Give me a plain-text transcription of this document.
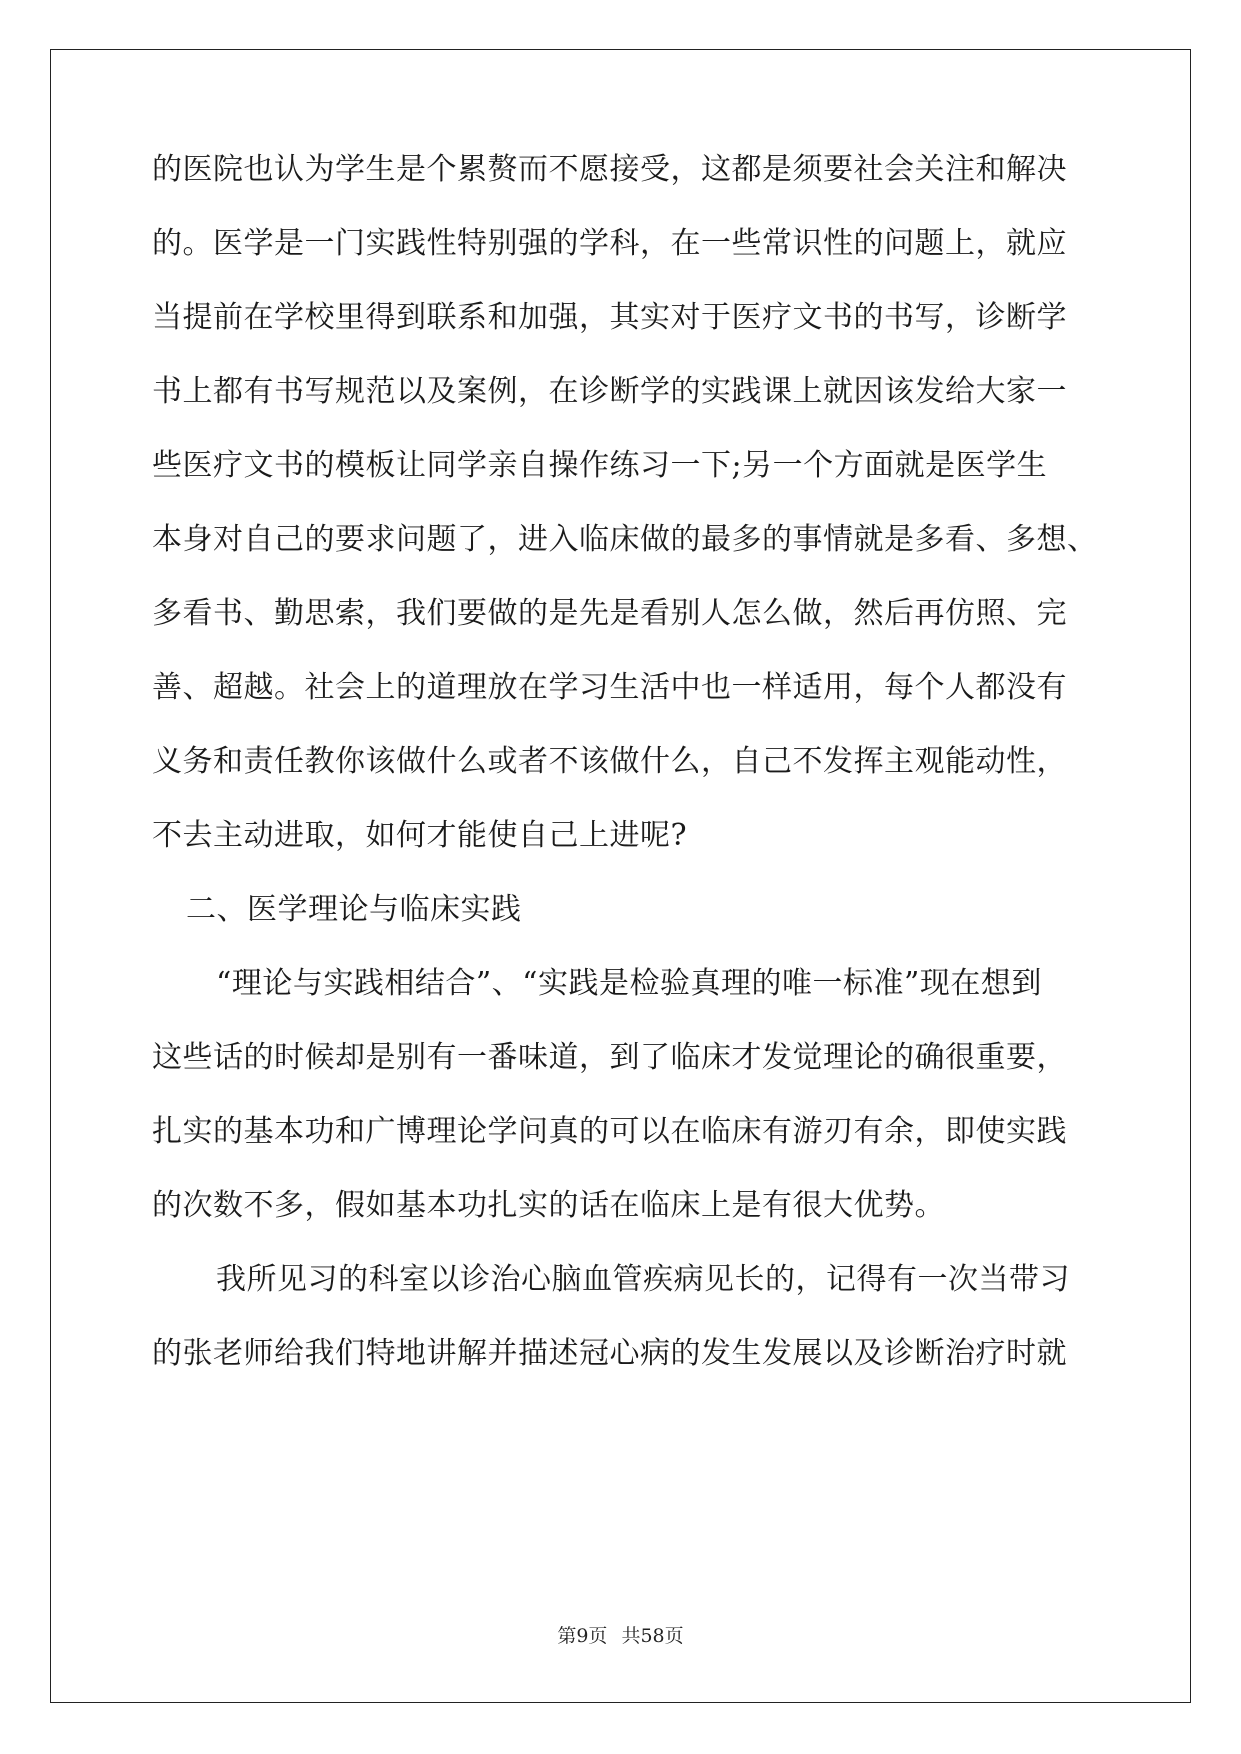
的医院也认为学生是个累赘而不愿接受，这都是须要社会关注和解决
的。医学是一门实践性特别强的学科，在一些常识性的问题上，就应
当提前在学校里得到联系和加强，其实对于医疗文书的书写，诊断学
书上都有书写规范以及案例，在诊断学的实践课上就因该发给大家一
些医疗文书的模板让同学亲自操作练习一下;另一个方面就是医学生
本身对自己的要求问题了，进入临床做的最多的事情就是多看、多想、
多看书、勤思索，我们要做的是先是看别人怎么做，然后再仿照、完
善、超越。社会上的道理放在学习生活中也一样适用，每个人都没有
义务和责任教你该做什么或者不该做什么，自己不发挥主观能动性，
不去主动进取，如何才能使自己上进呢?
二、医学理论与临床实践
“理论与实践相结合”、“实践是检验真理的唯一标准”现在想到
这些话的时候却是别有一番味道，到了临床才发觉理论的确很重要，
扎实的基本功和广博理论学问真的可以在临床有游刃有余，即使实践
的次数不多，假如基本功扎实的话在临床上是有很大优势。
我所见习的科室以诊治心脑血管疾病见长的，记得有一次当带习
的张老师给我们特地讲解并描述冠心病的发生发展以及诊断治疗时就
第9页 共58页
